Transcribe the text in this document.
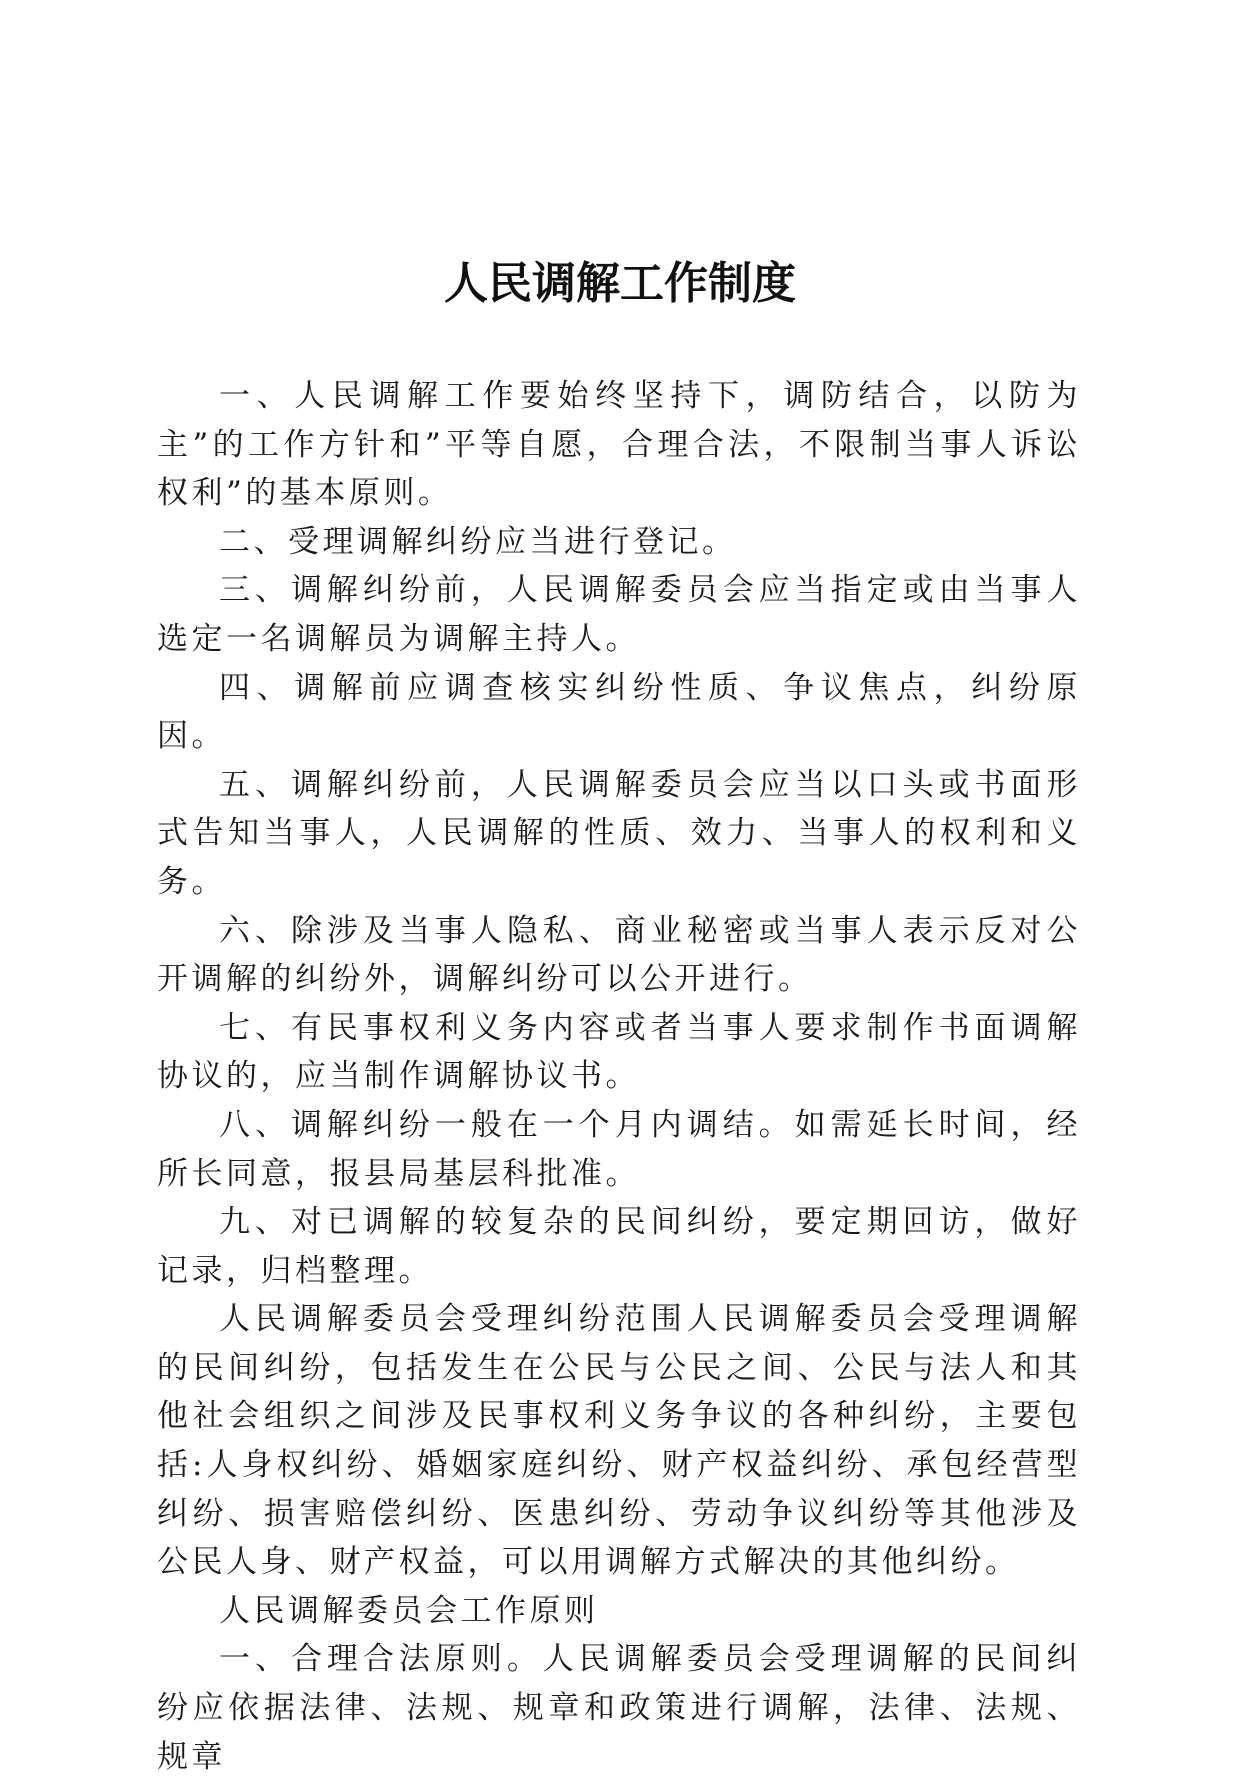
人民调解工作制度

一、人民调解工作要始终坚持下，调防结合，以防为主”的工作方针和”平等自愿，合理合法，不限制当事人诉讼权利”的基本原则。

二、受理调解纠纷应当进行登记。

三、调解纠纷前，人民调解委员会应当指定或由当事人选定一名调解员为调解主持人。

四、调解前应调查核实纠纷性质、争议焦点，纠纷原因。

五、调解纠纷前，人民调解委员会应当以口头或书面形式告知当事人，人民调解的性质、效力、当事人的权利和义务。

六、除涉及当事人隐私、商业秘密或当事人表示反对公开调解的纠纷外，调解纠纷可以公开进行。

七、有民事权利义务内容或者当事人要求制作书面调解协议的，应当制作调解协议书。

八、调解纠纷一般在一个月内调结。如需延长时间，经所长同意，报县局基层科批准。

九、对已调解的较复杂的民间纠纷，要定期回访，做好记录，归档整理。

人民调解委员会受理纠纷范围人民调解委员会受理调解的民间纠纷，包括发生在公民与公民之间、公民与法人和其他社会组织之间涉及民事权利义务争议的各种纠纷，主要包括:人身权纠纷、婚姻家庭纠纷、财产权益纠纷、承包经营型纠纷、损害赔偿纠纷、医患纠纷、劳动争议纠纷等其他涉及公民人身、财产权益，可以用调解方式解决的其他纠纷。

人民调解委员会工作原则

一、合理合法原则。人民调解委员会受理调解的民间纠纷应依据法律、法规、规章和政策进行调解，法律、法规、规章
